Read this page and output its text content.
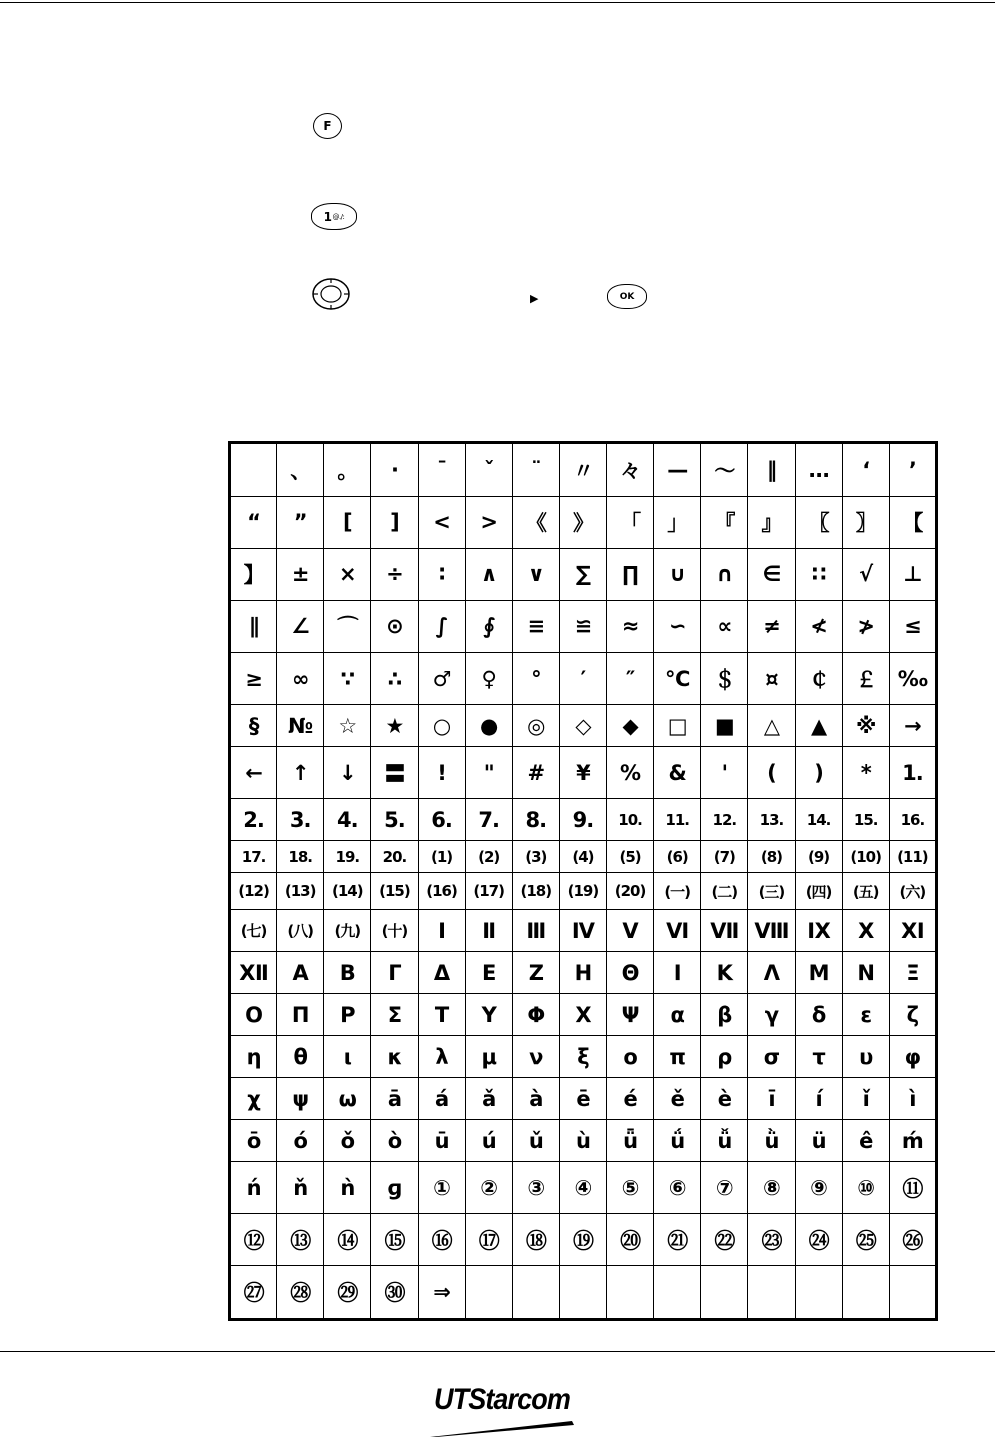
F
1 @./:
▶	OK
	、	。	·	ˉ	ˇ	¨	〃	々	—	～	‖	…	‘	’
“	”	[	]	<	>	《	》	「	」	『	』	〖	〗	【
】	±	×	÷	∶	∧	∨	∑	∏	∪	∩	∈	∷	√	⊥
∥	∠	⌒	⊙	∫	∮	≡	≌	≈	∽	∝	≠	≮	≯	≤
≥	∞	∵	∴	♂	♀	°	′	″	℃	＄	¤	￠	￡	‰
§	№	☆	★	○	●	◎	◇	◆	□	■	△	▲	※	→
←	↑	↓	〓	!	"	#	¥	%	&	'	(	)	*	1.
2.	3.	4.	5.	6.	7.	8.	9.	10.	11.	12.	13.	14.	15.	16.
17.	18.	19.	20.	(1)	(2)	(3)	(4)	(5)	(6)	(7)	(8)	(9)	(10)	(11)
(12)	(13)	(14)	(15)	(16)	(17)	(18)	(19)	(20)	(一)	(二)	(三)	(四)	(五)	(六)
(七)	(八)	(九)	(十)	Ⅰ	Ⅱ	Ⅲ	Ⅳ	Ⅴ	Ⅵ	Ⅶ	Ⅷ	Ⅸ	Ⅹ	Ⅺ
Ⅻ	Α	Β	Γ	Δ	Ε	Ζ	Η	Θ	Ι	Κ	Λ	Μ	Ν	Ξ
Ο	Π	Ρ	Σ	Τ	Υ	Φ	Χ	Ψ	α	β	γ	δ	ε	ζ
η	θ	ι	κ	λ	μ	ν	ξ	ο	π	ρ	σ	τ	υ	φ
χ	ψ	ω	ā	á	ǎ	à	ē	é	ě	è	ī	í	ǐ	ì
ō	ó	ǒ	ò	ū	ú	ǔ	ù	ǖ	ǘ	ǚ	ǜ	ü	ê	ḿ
ń	ň	ǹ	ɡ	①	②	③	④	⑤	⑥	⑦	⑧	⑨	⑩	⑪
⑫	⑬	⑭	⑮	⑯	⑰	⑱	⑲	⑳	㉑	㉒	㉓	㉔	㉕	㉖
㉗	㉘	㉙	㉚	⇒										
UTStarcom
